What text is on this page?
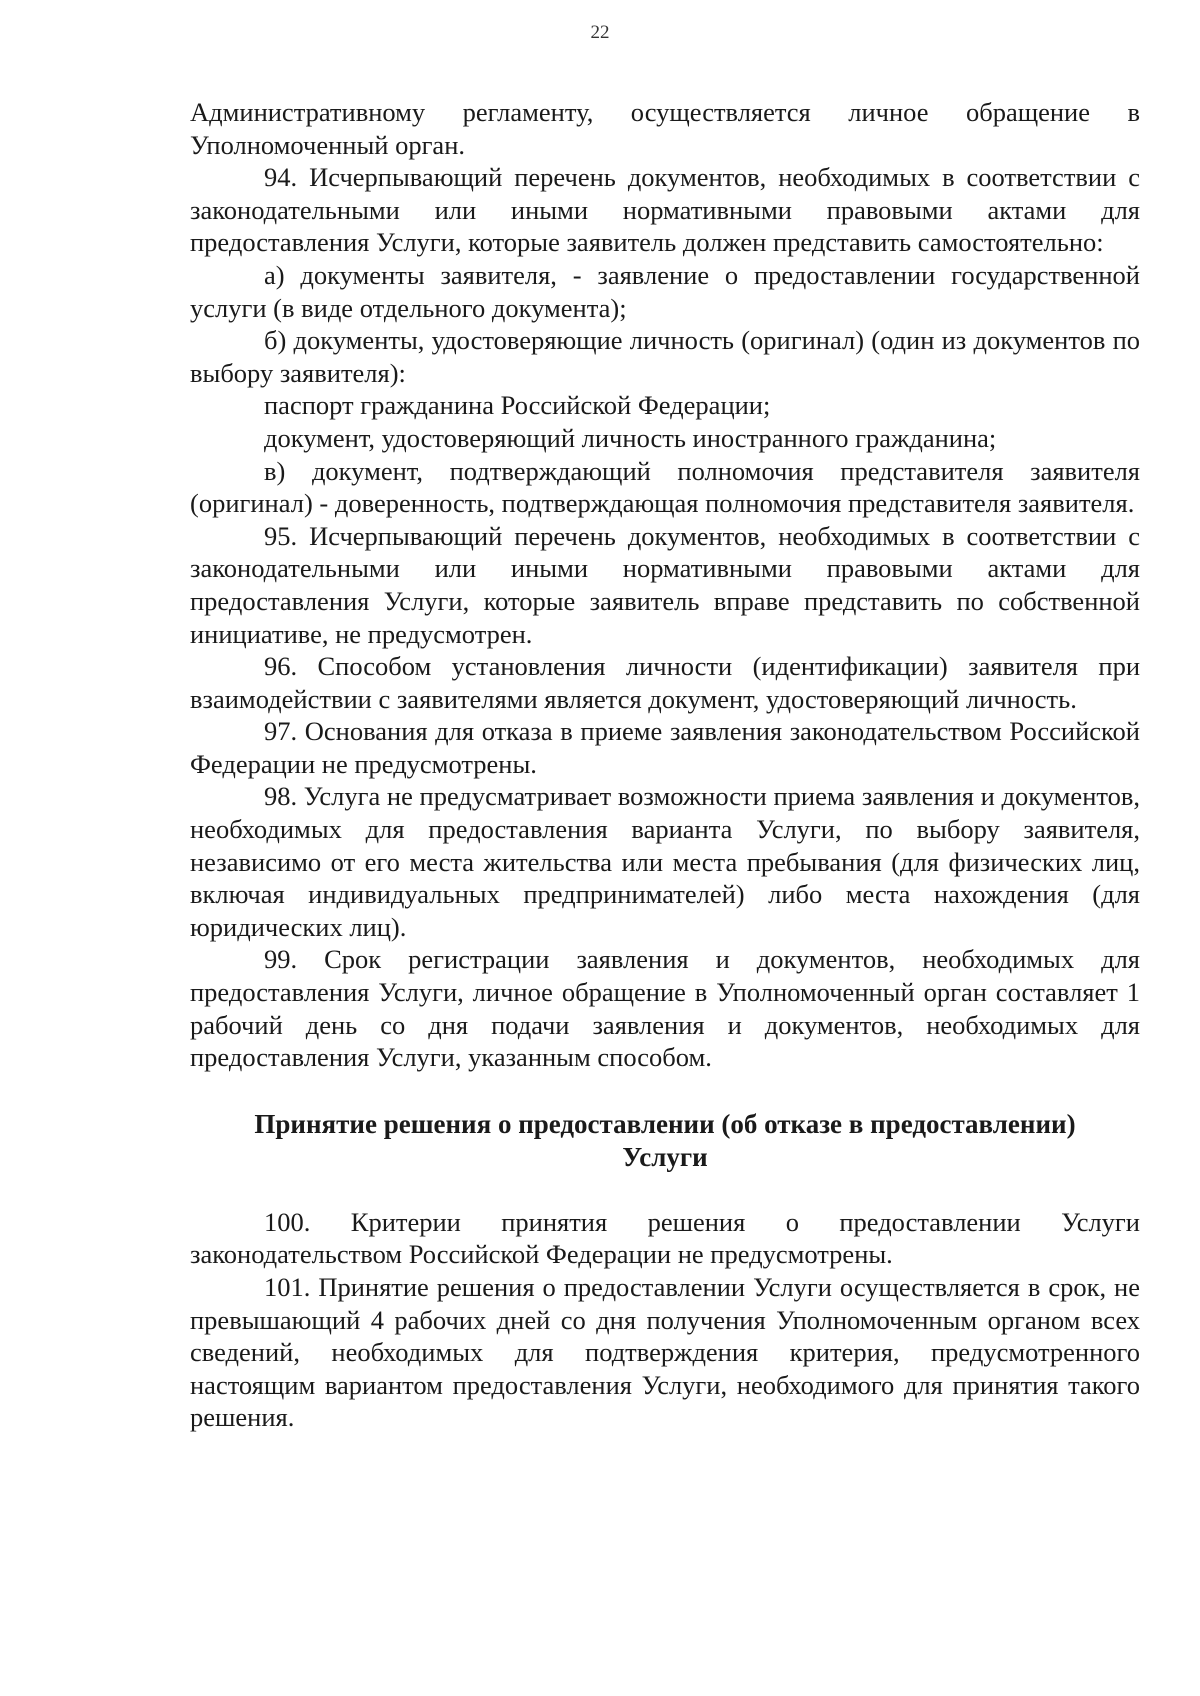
22

Административному регламенту, осуществляется личное обращение в Уполномоченный орган.

94. Исчерпывающий перечень документов, необходимых в соответствии с законодательными или иными нормативными правовыми актами для предоставления Услуги, которые заявитель должен представить самостоятельно:

а) документы заявителя, - заявление о предоставлении государственной услуги (в виде отдельного документа);

б) документы, удостоверяющие личность (оригинал) (один из документов по выбору заявителя):

паспорт гражданина Российской Федерации;

документ, удостоверяющий личность иностранного гражданина;

в) документ, подтверждающий полномочия представителя заявителя (оригинал) - доверенность, подтверждающая полномочия представителя заявителя.

95. Исчерпывающий перечень документов, необходимых в соответствии с законодательными или иными нормативными правовыми актами для предоставления Услуги, которые заявитель вправе представить по собственной инициативе, не предусмотрен.

96. Способом установления личности (идентификации) заявителя при взаимодействии с заявителями является документ, удостоверяющий личность.

97. Основания для отказа в приеме заявления законодательством Российской Федерации не предусмотрены.

98. Услуга не предусматривает возможности приема заявления и документов, необходимых для предоставления варианта Услуги, по выбору заявителя, независимо от его места жительства или места пребывания (для физических лиц, включая индивидуальных предпринимателей) либо места нахождения (для юридических лиц).

99. Срок регистрации заявления и документов, необходимых для предоставления Услуги, личное обращение в Уполномоченный орган составляет 1 рабочий день со дня подачи заявления и документов, необходимых для предоставления Услуги, указанным способом.

Принятие решения о предоставлении (об отказе в предоставлении)
Услуги

100. Критерии принятия решения о предоставлении Услуги законодательством Российской Федерации не предусмотрены.

101. Принятие решения о предоставлении Услуги осуществляется в срок, не превышающий 4 рабочих дней со дня получения Уполномоченным органом всех сведений, необходимых для подтверждения критерия, предусмотренного настоящим вариантом предоставления Услуги, необходимого для принятия такого решения.
